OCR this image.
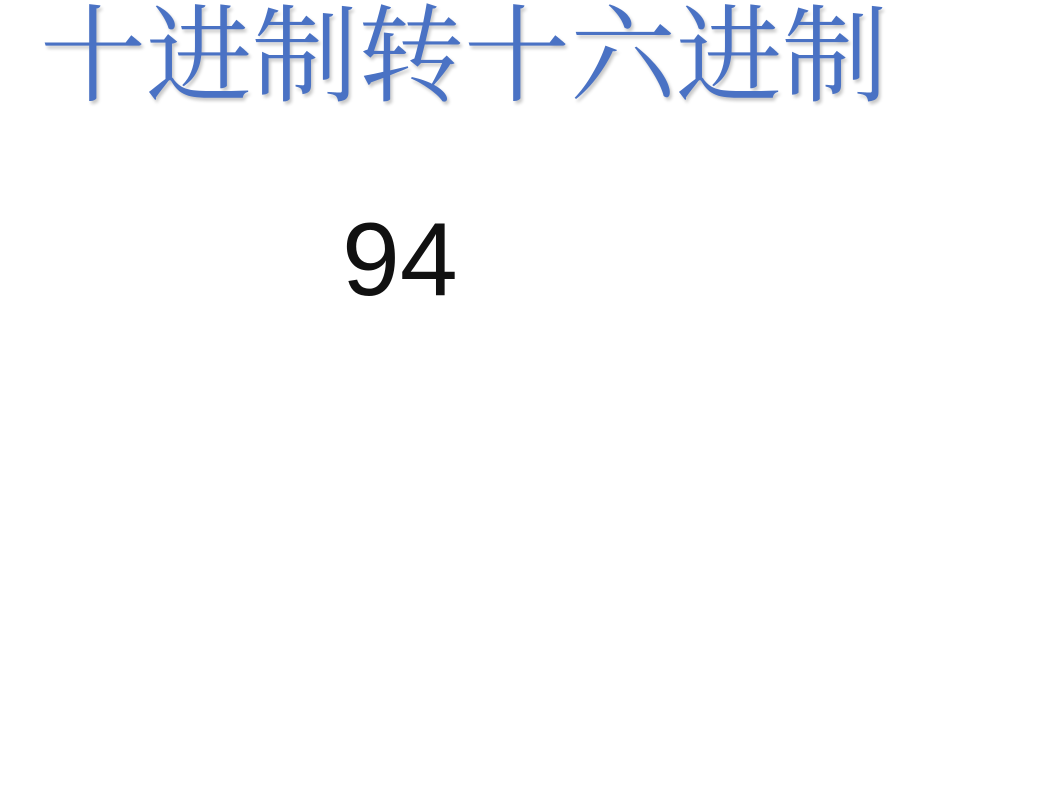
十进制转十六进制
94
